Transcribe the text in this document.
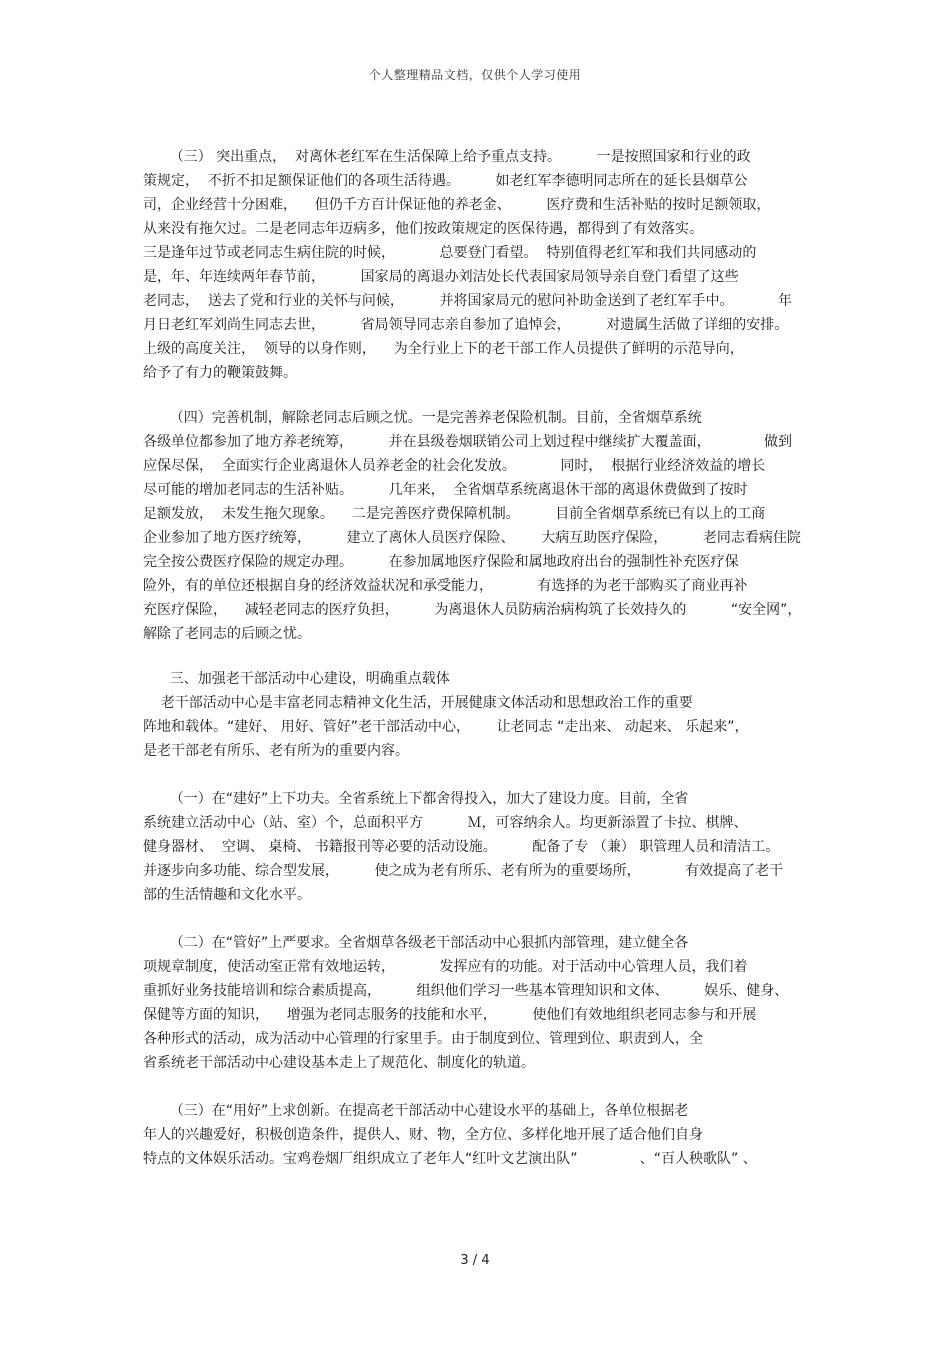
个人整理精品文档，仅供个人学习使用
（三） 突出重点，  对离休老红军在生活保障上给予重点支持。        一是按照国家和行业的政
策规定，  不折不扣足额保证他们的各项生活待遇。        如老红军李德明同志所在的延长县烟草公
司，企业经营十分困难，    但仍千方百计保证他的养老金、        医疗费和生活补贴的按时足额领取，
从来没有拖欠过。二是老同志年迈病多，他们按政策规定的医保待遇，都得到了有效落实。
三是逢年过节或老同志生病住院的时候，          总要登门看望。  特别值得老红军和我们共同感动的
是，年、年连续两年春节前，        国家局的离退办刘洁处长代表国家局领导亲自登门看望了这些
老同志，  送去了党和行业的关怀与问候，        并将国家局元的慰问补助金送到了老红军手中。          年
月日老红军刘尚生同志去世，        省局领导同志亲自参加了追悼会，        对遗属生活做了详细的安排。
上级的高度关注，  领导的以身作则，    为全行业上下的老干部工作人员提供了鲜明的示范导向，
给予了有力的鞭策鼓舞。
（四）完善机制，解除老同志后顾之忧。一是完善养老保险机制。目前，全省烟草系统
各级单位都参加了地方养老统筹，        并在县级卷烟联销公司上划过程中继续扩大覆盖面，            做到
应保尽保，  全面实行企业离退休人员养老金的社会化发放。          同时，  根据行业经济效益的增长
尽可能的增加老同志的生活补贴。        几年来，  全省烟草系统离退休干部的离退休费做到了按时
足额发放，  未发生拖欠现象。    二是完善医疗费保障机制。        目前全省烟草系统已有以上的工商
企业参加了地方医疗统筹，        建立了离休人员医疗保险、      大病互助医疗保险，        老同志看病住院
完全按公费医疗保险的规定办理。        在参加属地医疗保险和属地政府出台的强制性补充医疗保
险外，有的单位还根据自身的经济效益状况和承受能力，          有选择的为老干部购买了商业再补
充医疗保险，    减轻老同志的医疗负担，        为离退休人员防病治病构筑了长效持久的          “安全网”，
解除了老同志的后顾之忧。
三、加强老干部活动中心建设，明确重点载体
老干部活动中心是丰富老同志精神文化生活，开展健康文体活动和思想政治工作的重要
阵地和载体。“建好、 用好、管好”老干部活动中心，      让老同志 “走出来、 动起来、 乐起来”，
是老干部老有所乐、老有所为的重要内容。
（一）在“建好”上下功夫。全省系统上下都舍得投入，加大了建设力度。目前，全省
系统建立活动中心（站、室）个，总面积平方          Ｍ，可容纳余人。均更新添置了卡拉、棋牌、
健身器材、  空调、 桌椅、 书籍报刊等必要的活动设施。        配备了专 （兼） 职管理人员和清洁工。
并逐步向多功能、综合型发展，        使之成为老有所乐、老有所为的重要场所，          有效提高了老干
部的生活情趣和文化水平。
（二）在“管好”上严要求。全省烟草各级老干部活动中心狠抓内部管理，建立健全各
项规章制度，使活动室正常有效地运转，          发挥应有的功能。对于活动中心管理人员，我们着
重抓好业务技能培训和综合素质提高，        组织他们学习一些基本管理知识和文体、        娱乐、健身、
保健等方面的知识，    增强为老同志服务的技能和水平，        使他们有效地组织老同志参与和开展
各种形式的活动，成为活动中心管理的行家里手。由于制度到位、管理到位、职责到人，全
省系统老干部活动中心建设基本走上了规范化、制度化的轨道。
（三）在“用好”上求创新。在提高老干部活动中心建设水平的基础上，各单位根据老
年人的兴趣爱好，积极创造条件，提供人、财、物，全方位、多样化地开展了适合他们自身
特点的文体娱乐活动。宝鸡卷烟厂组织成立了老年人“红叶文艺演出队”              、“百人秧歌队” 、
3 / 4
